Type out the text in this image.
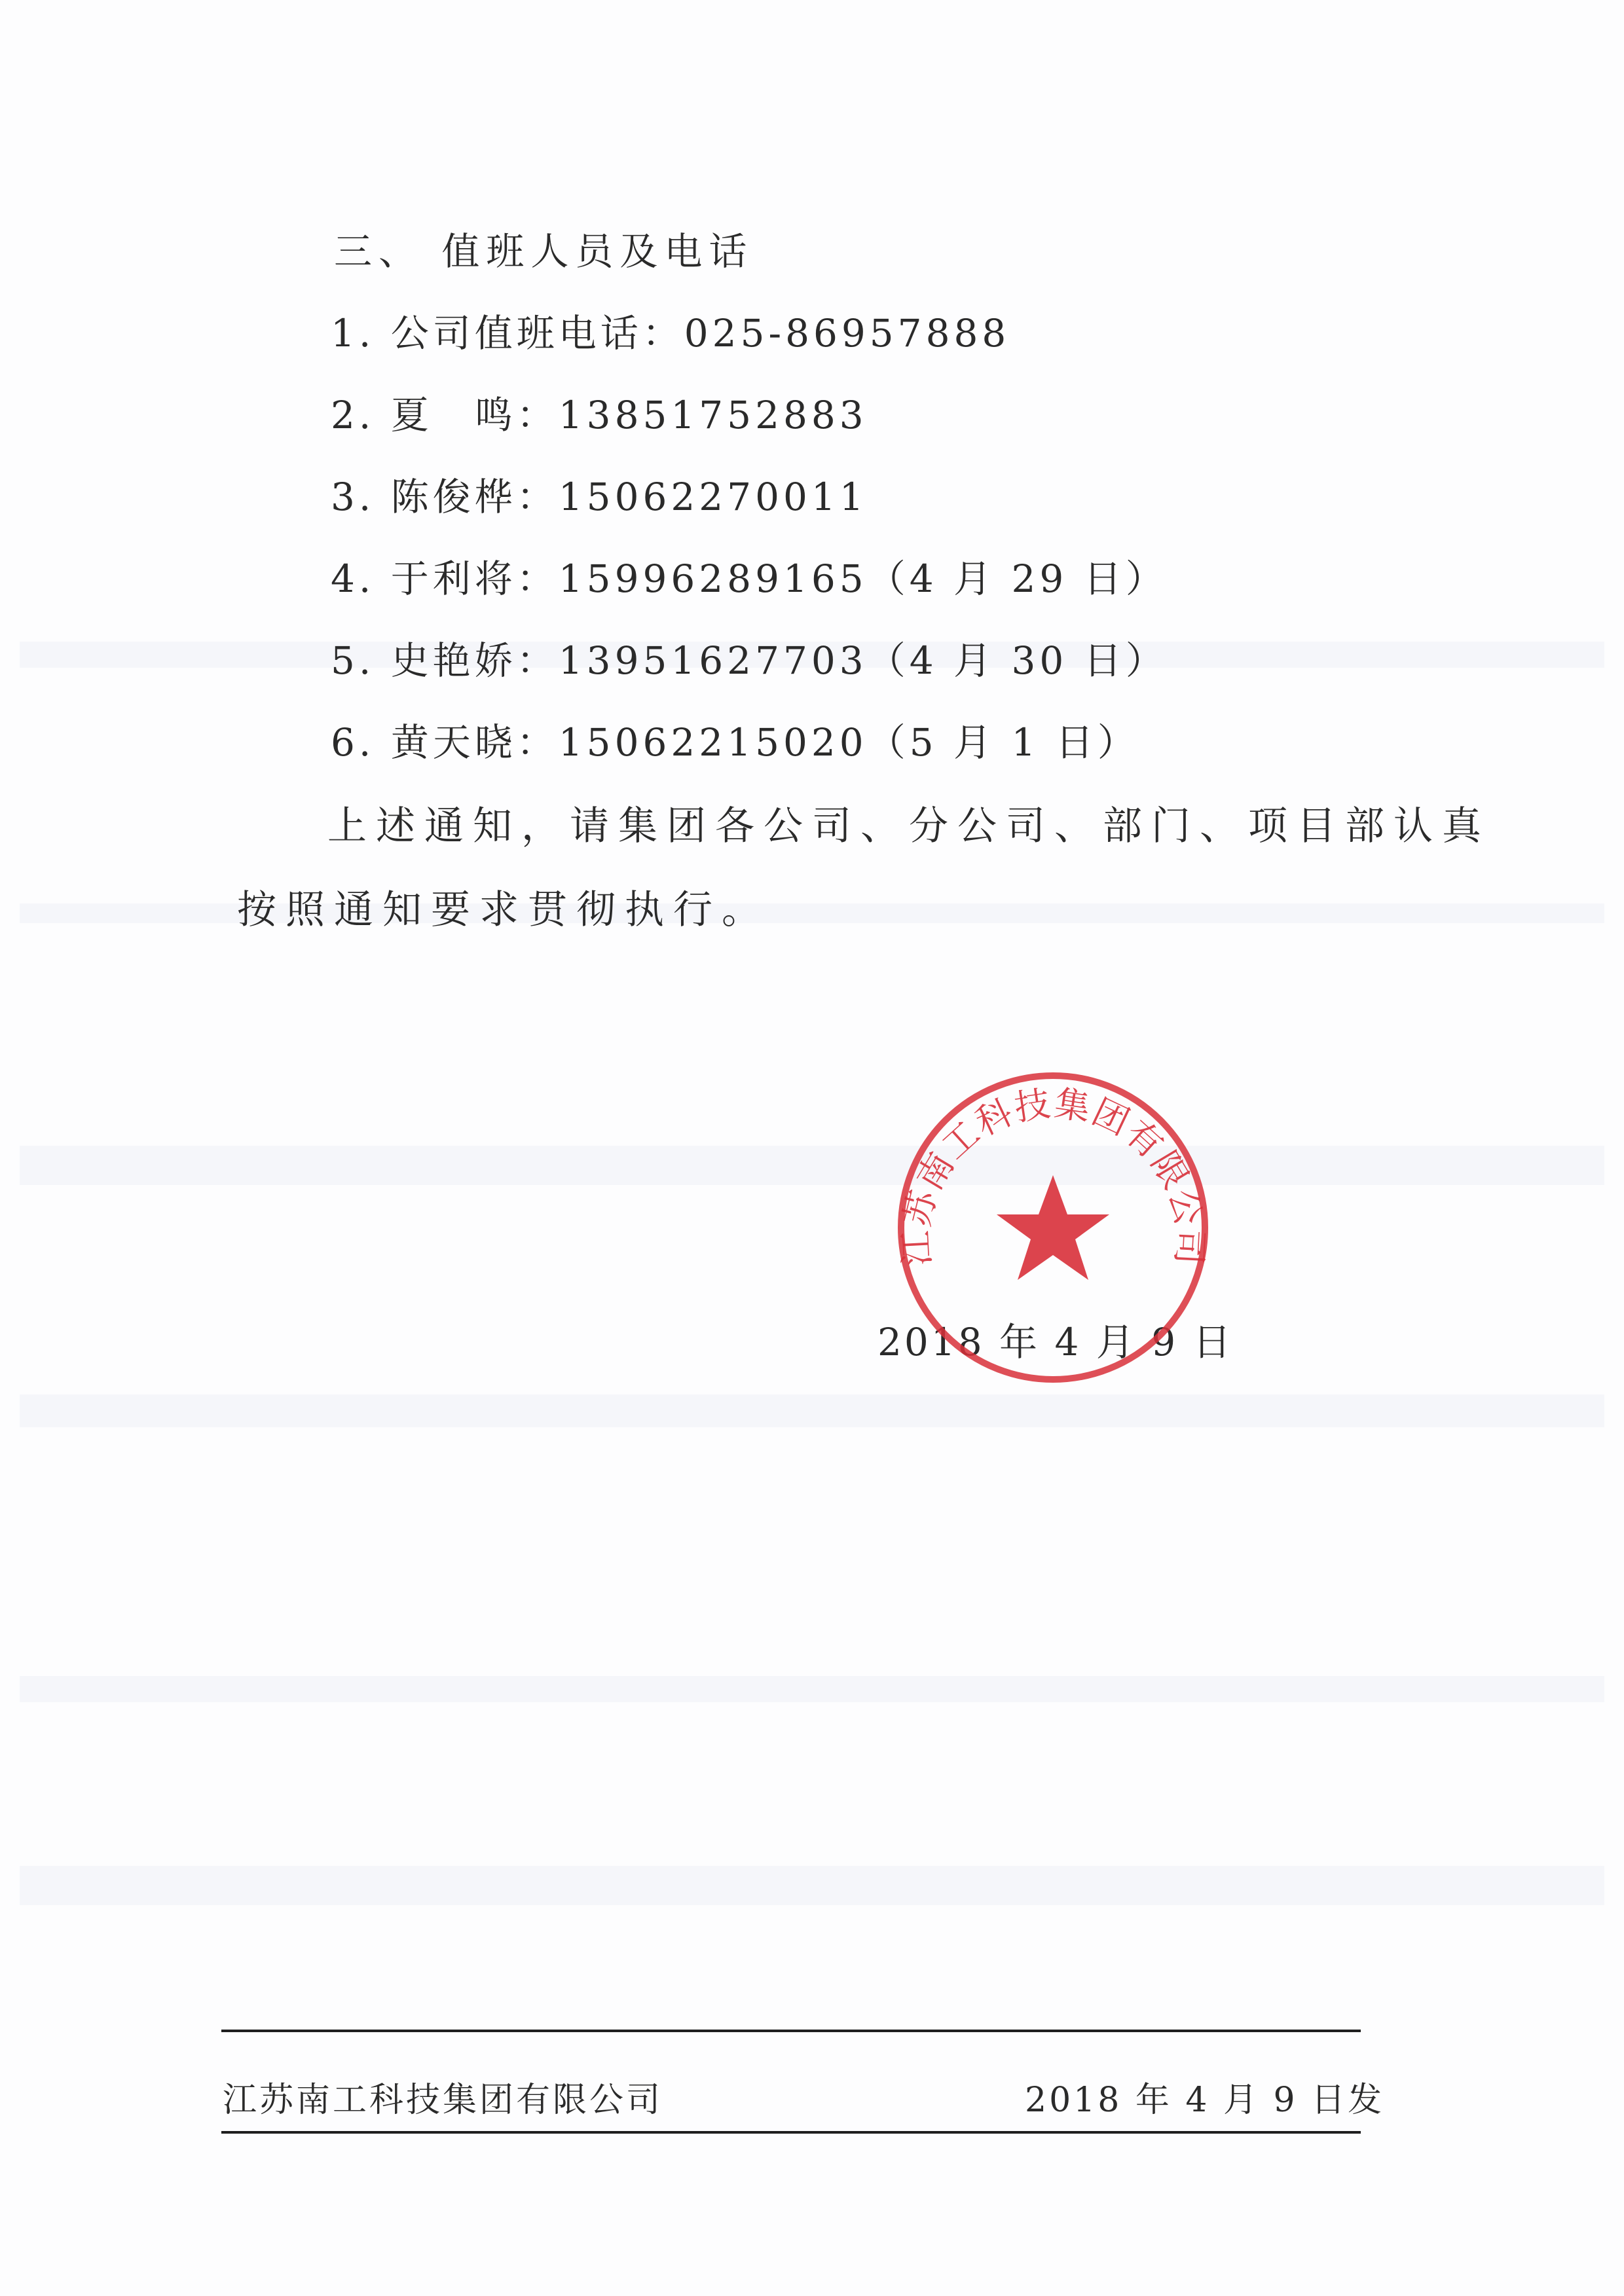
三、 值班人员及电话
1. 公司值班电话：025-86957888
2. 夏　鸣：13851752883
3. 陈俊桦：15062270011
4. 于利将：15996289165（4 月 29 日）
5. 史艳娇：13951627703（4 月 30 日）
6. 黄天晓：15062215020（5 月 1 日）
上述通知，请集团各公司、分公司、部门、项目部认真
按照通知要求贯彻执行。
2018 年 4 月 9 日
江苏南工科技集团有限公司
江苏南工科技集团有限公司	2018 年 4 月 9 日发
